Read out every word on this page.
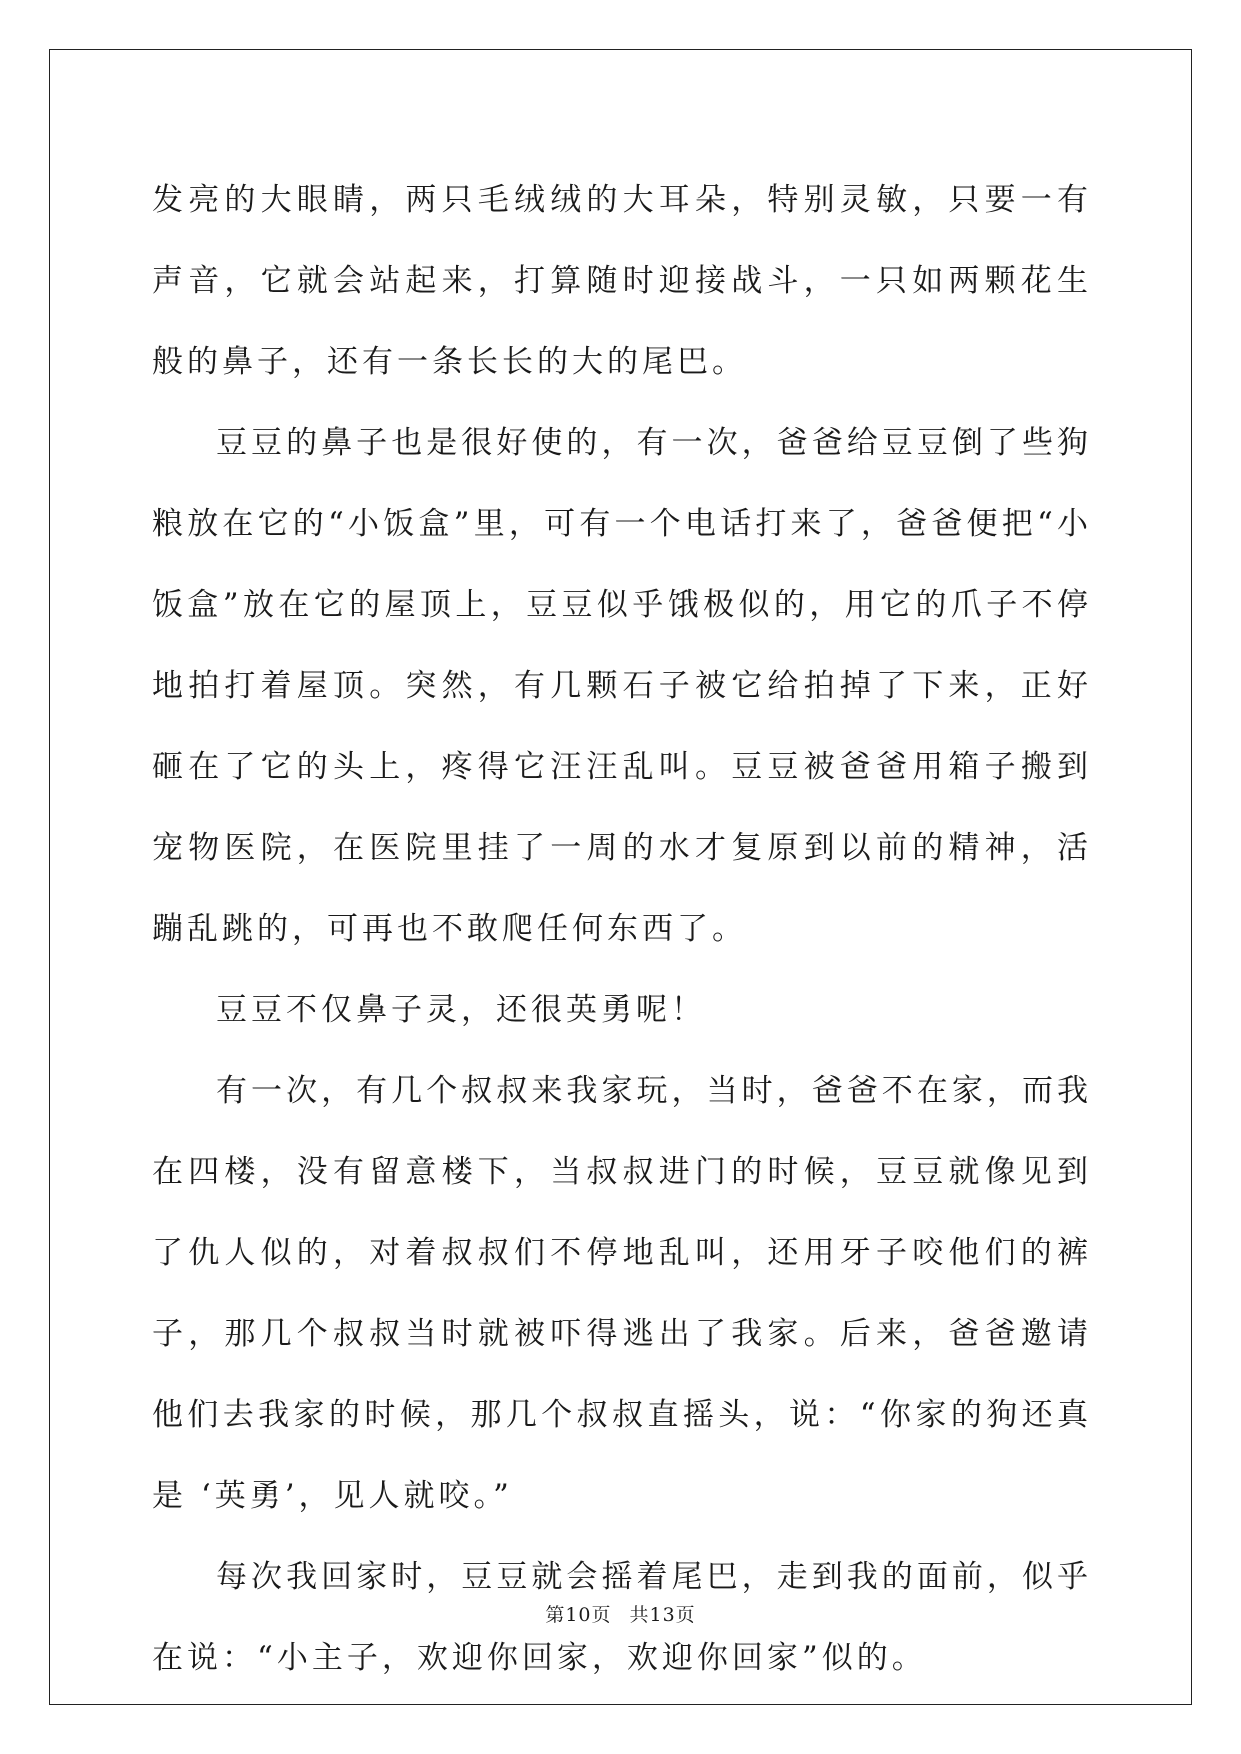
发亮的大眼睛，两只毛绒绒的大耳朵，特别灵敏，只要一有声音，它就会站起来，打算随时迎接战斗，一只如两颗花生般的鼻子，还有一条长长的大的尾巴。

豆豆的鼻子也是很好使的，有一次，爸爸给豆豆倒了些狗粮放在它的“小饭盒”里，可有一个电话打来了，爸爸便把“小饭盒”放在它的屋顶上，豆豆似乎饿极似的，用它的爪子不停地拍打着屋顶。突然，有几颗石子被它给拍掉了下来，正好砸在了它的头上，疼得它汪汪乱叫。豆豆被爸爸用箱子搬到宠物医院，在医院里挂了一周的水才复原到以前的精神，活蹦乱跳的，可再也不敢爬任何东西了。

豆豆不仅鼻子灵，还很英勇呢！

有一次，有几个叔叔来我家玩，当时，爸爸不在家，而我在四楼，没有留意楼下，当叔叔进门的时候，豆豆就像见到了仇人似的，对着叔叔们不停地乱叫，还用牙子咬他们的裤子，那几个叔叔当时就被吓得逃出了我家。后来，爸爸邀请他们去我家的时候，那几个叔叔直摇头，说：“你家的狗还真是 ‘英勇’，见人就咬。”

每次我回家时，豆豆就会摇着尾巴，走到我的面前，似乎在说：“小主子，欢迎你回家，欢迎你回家”似的。

第10页 共13页
